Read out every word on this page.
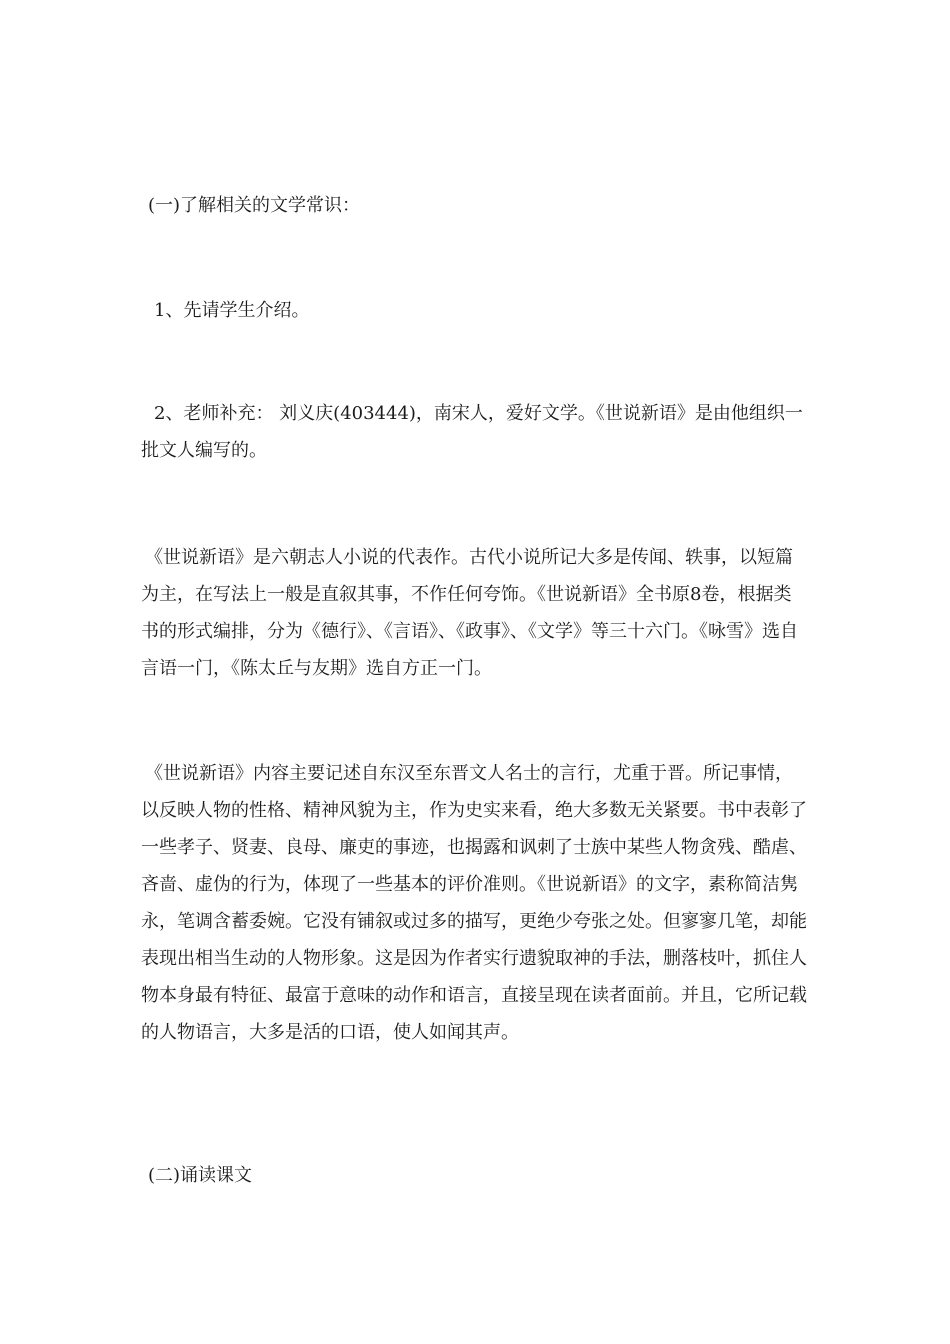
(一)了解相关的文学常识：

1、先请学生介绍。

2、老师补充： 刘义庆(403444)，南宋人，爱好文学。《世说新语》是由他组织一批文人编写的。

《世说新语》是六朝志人小说的代表作。古代小说所记大多是传闻、轶事，以短篇为主，在写法上一般是直叙其事，不作任何夸饰。《世说新语》全书原8卷，根据类书的形式编排，分为《德行》、《言语》、《政事》、《文学》等三十六门。《咏雪》选自言语一门，《陈太丘与友期》选自方正一门。

《世说新语》内容主要记述自东汉至东晋文人名士的言行，尤重于晋。所记事情，以反映人物的性格、精神风貌为主，作为史实来看，绝大多数无关紧要。书中表彰了一些孝子、贤妻、良母、廉吏的事迹，也揭露和讽刺了士族中某些人物贪残、酷虐、吝啬、虚伪的行为，体现了一些基本的评价准则。《世说新语》的文字，素称简洁隽永，笔调含蓄委婉。它没有铺叙或过多的描写，更绝少夸张之处。但寥寥几笔，却能表现出相当生动的人物形象。这是因为作者实行遗貌取神的手法，删落枝叶，抓住人物本身最有特征、最富于意味的动作和语言，直接呈现在读者面前。并且，它所记载的人物语言，大多是活的口语，使人如闻其声。

(二)诵读课文
